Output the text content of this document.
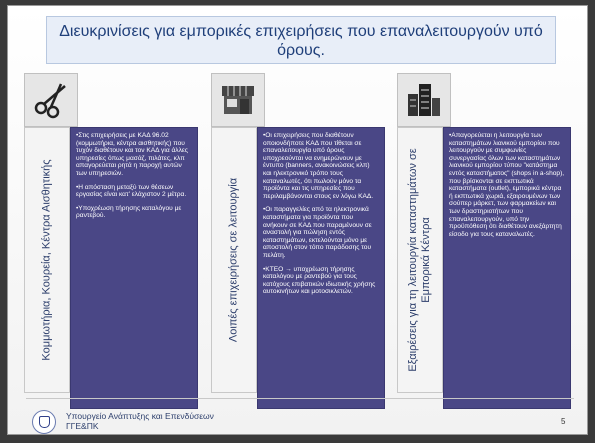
Διευκρινίσεις για εμπορικές επιχειρήσεις που επαναλειτουργούν υπό όρους.
Κομμωτήρια, Κουρεία, Κέντρα Αισθητικής

•Στις επιχειρήσεις με ΚΑΔ 96.02 (κομμωτήρια, κέντρα αισθητικής) που τυχόν διαθέτουν και τον ΚΑΔ για άλλες υπηρεσίες όπως μασάζ, πιλάτες, κλπ απαγορεύεται ρητά η παροχή αυτών των υπηρεσιών.

•Η απόσταση μεταξύ των θέσεων εργασίας είναι κατ' ελάχιστον 2 μέτρα.

•Υποχρέωση τήρησης καταλόγου με ραντεβού.	Λοιπές επιχειρήσεις σε λειτουργία

•Οι επιχειρήσεις που διαθέτουν οποιονδήποτε ΚΑΔ που τίθεται σε επαναλειτουργία υπό όρους υποχρεούνται να ενημερώνουν με έντυπο (banners, ανακοινώσεις κλπ) και ηλεκτρονικό τρόπο τους καταναλωτές, ότι πωλούν μόνο τα προϊόντα και τις υπηρεσίες που περιλαμβάνονται στους εν λόγω ΚΑΔ.

•Οι παραγγελίες από τα ηλεκτρονικά καταστήματα για προϊόντα που ανήκουν σε ΚΑΔ που παραμένουν σε αναστολή για πώληση εντός καταστημάτων, εκτελούνται μόνο με αποστολή στον τόπο παράδοσης του πελάτη.

•ΚΤΕΟ → υποχρέωση τήρησης καταλόγου με ραντεβού για τους κατόχους επιβατικών ιδιωτικής χρήσης αυτοκινήτων και μοτοσικλετών.	Εξαιρέσεις για τη λειτουργία καταστημάτων σε Εμπορικά Κέντρα

•Απαγορεύεται η λειτουργία των καταστημάτων λιανικού εμπορίου που λειτουργούν με συμφωνίες συνεργασίας όλων των καταστημάτων λιανικού εμπορίου τύπου "κατάστημα εντός καταστήματος" (shops in a-shop), που βρίσκονται σε εκπτωτικά καταστήματα (outlet), εμπορικά κέντρα ή εκπτωτικά χωριά, εξαιρουμένων των σούπερ μάρκετ, των φαρμακείων και των δραστηριοτήτων που επαναλειτουργούν, υπό την προϋπόθεση ότι διαθέτουν ανεξάρτητη είσοδο για τους καταναλωτές.

Υπουργείο Ανάπτυξης και Επενδύσεων
ΓΓΕ&ΠΚ	5
